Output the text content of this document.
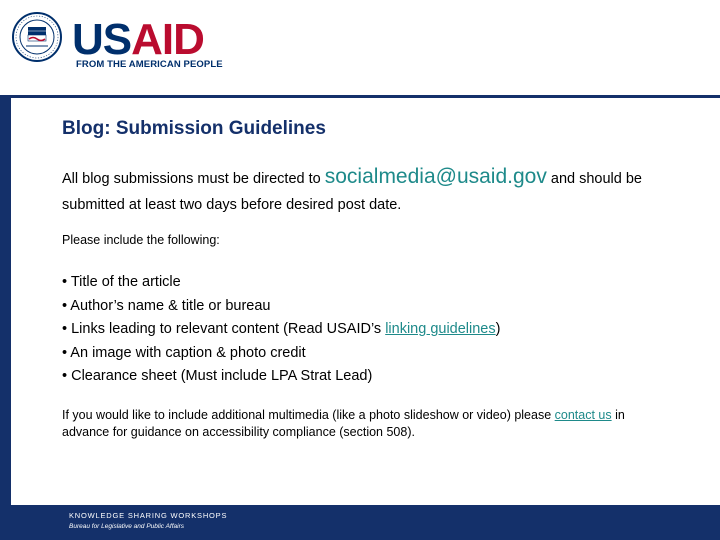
USAID
FROM THE AMERICAN PEOPLE
Blog: Submission Guidelines
All blog submissions must be directed to socialmedia@usaid.gov and should be submitted at least two days before desired post date.
Please include the following:
• Title of the article
• Author’s name & title or bureau
• Links leading to relevant content (Read USAID’s linking guidelines)
• An image with caption & photo credit
• Clearance sheet (Must include LPA Strat Lead)
If you would like to include additional multimedia (like a photo slideshow or video) please contact us in advance for guidance on accessibility compliance (section 508).
KNOWLEDGE SHARING WORKSHOPS
Bureau for Legislative and Public Affairs
